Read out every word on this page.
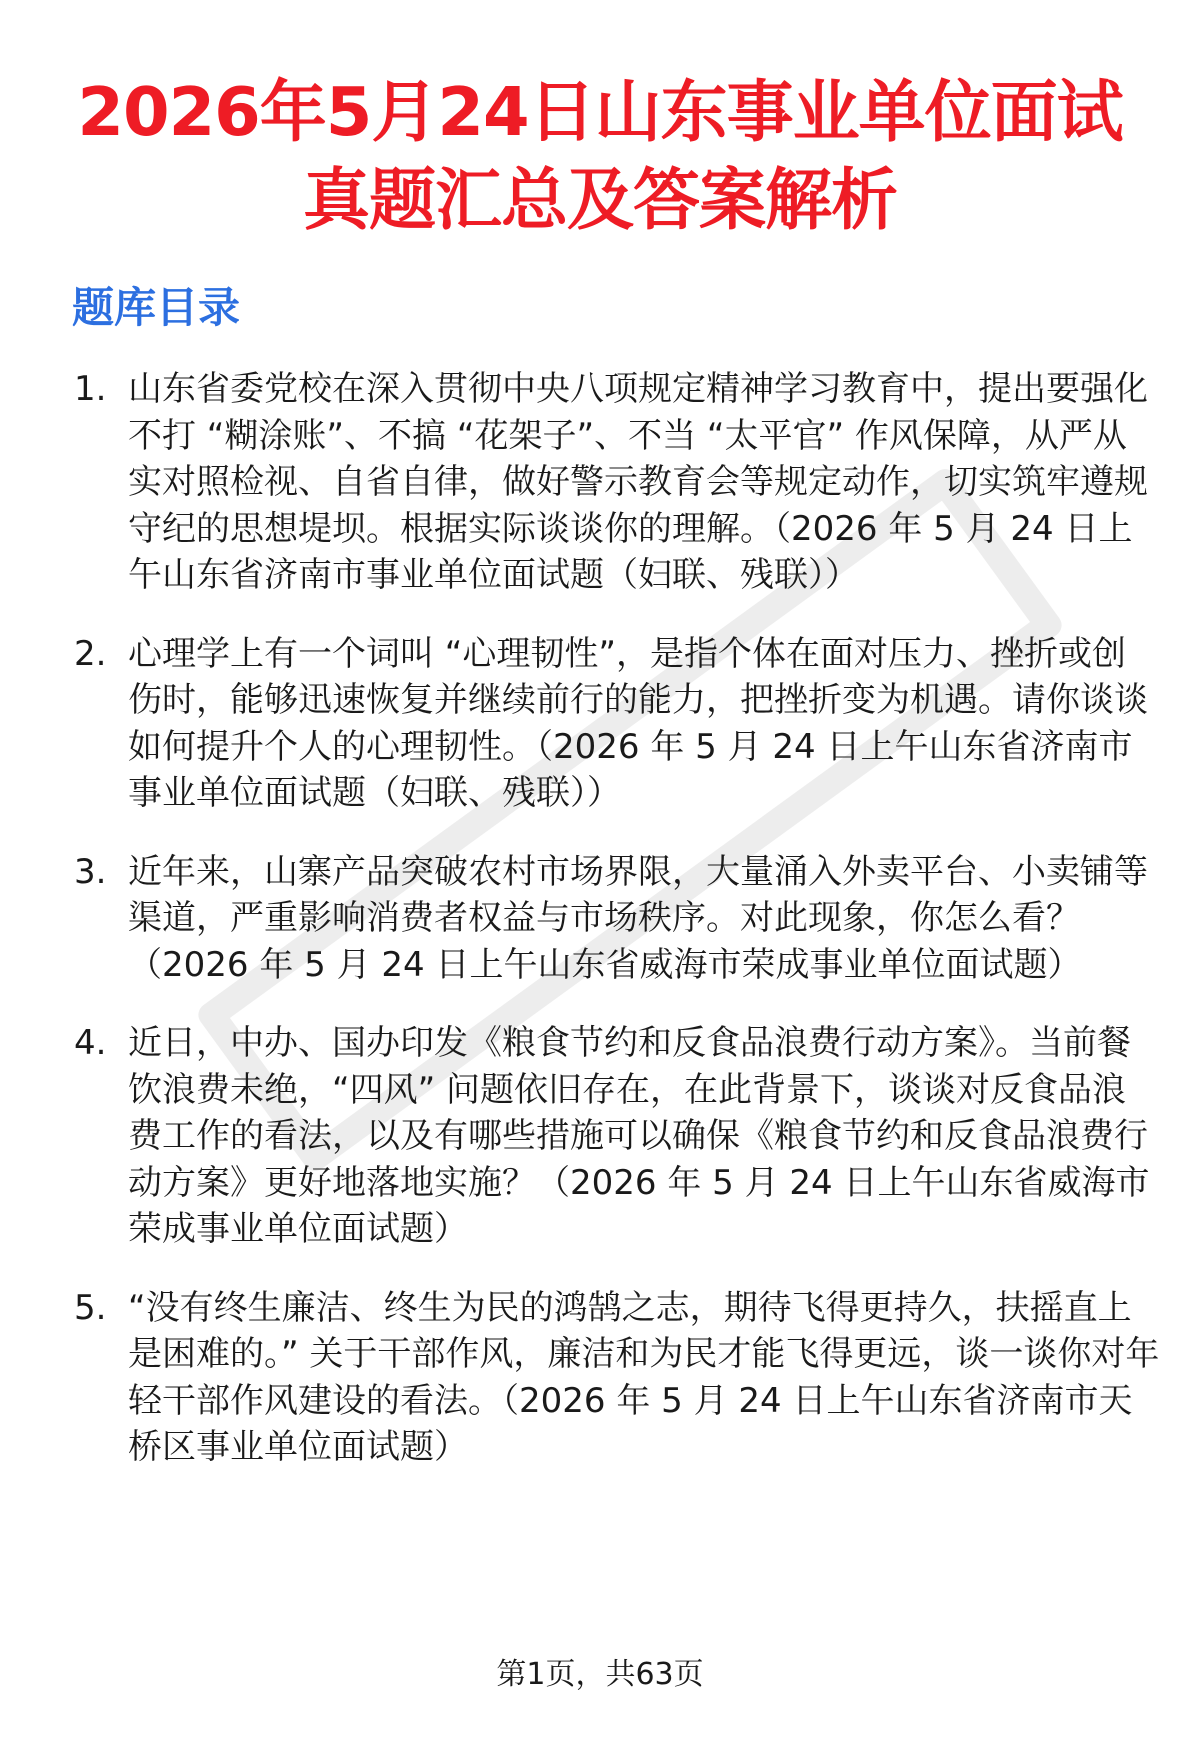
2026年5月24日山东事业单位面试
真题汇总及答案解析
题库目录
1. 山东省委党校在深入贯彻中央八项规定精神学习教育中，提出要强化不打 “糊涂账”、不搞 “花架子”、不当 “太平官” 作风保障，从严从实对照检视、自省自律，做好警示教育会等规定动作，切实筑牢遵规守纪的思想堤坝。根据实际谈谈你的理解。（2026 年 5 月 24 日上午山东省济南市事业单位面试题（妇联、残联））
2. 心理学上有一个词叫 “心理韧性”，是指个体在面对压力、挫折或创伤时，能够迅速恢复并继续前行的能力，把挫折变为机遇。请你谈谈如何提升个人的心理韧性。（2026 年 5 月 24 日上午山东省济南市事业单位面试题（妇联、残联））
3. 近年来，山寨产品突破农村市场界限，大量涌入外卖平台、小卖铺等渠道，严重影响消费者权益与市场秩序。对此现象，你怎么看？（2026 年 5 月 24 日上午山东省威海市荣成事业单位面试题）
4. 近日，中办、国办印发《粮食节约和反食品浪费行动方案》。当前餐饮浪费未绝，“四风” 问题依旧存在，在此背景下，谈谈对反食品浪费工作的看法，以及有哪些措施可以确保《粮食节约和反食品浪费行动方案》更好地落地实施？（2026 年 5 月 24 日上午山东省威海市荣成事业单位面试题）
5. “没有终生廉洁、终生为民的鸿鹄之志，期待飞得更持久，扶摇直上是困难的。” 关于干部作风，廉洁和为民才能飞得更远，谈一谈你对年轻干部作风建设的看法。（2026 年 5 月 24 日上午山东省济南市天桥区事业单位面试题）
第1页，共63页
